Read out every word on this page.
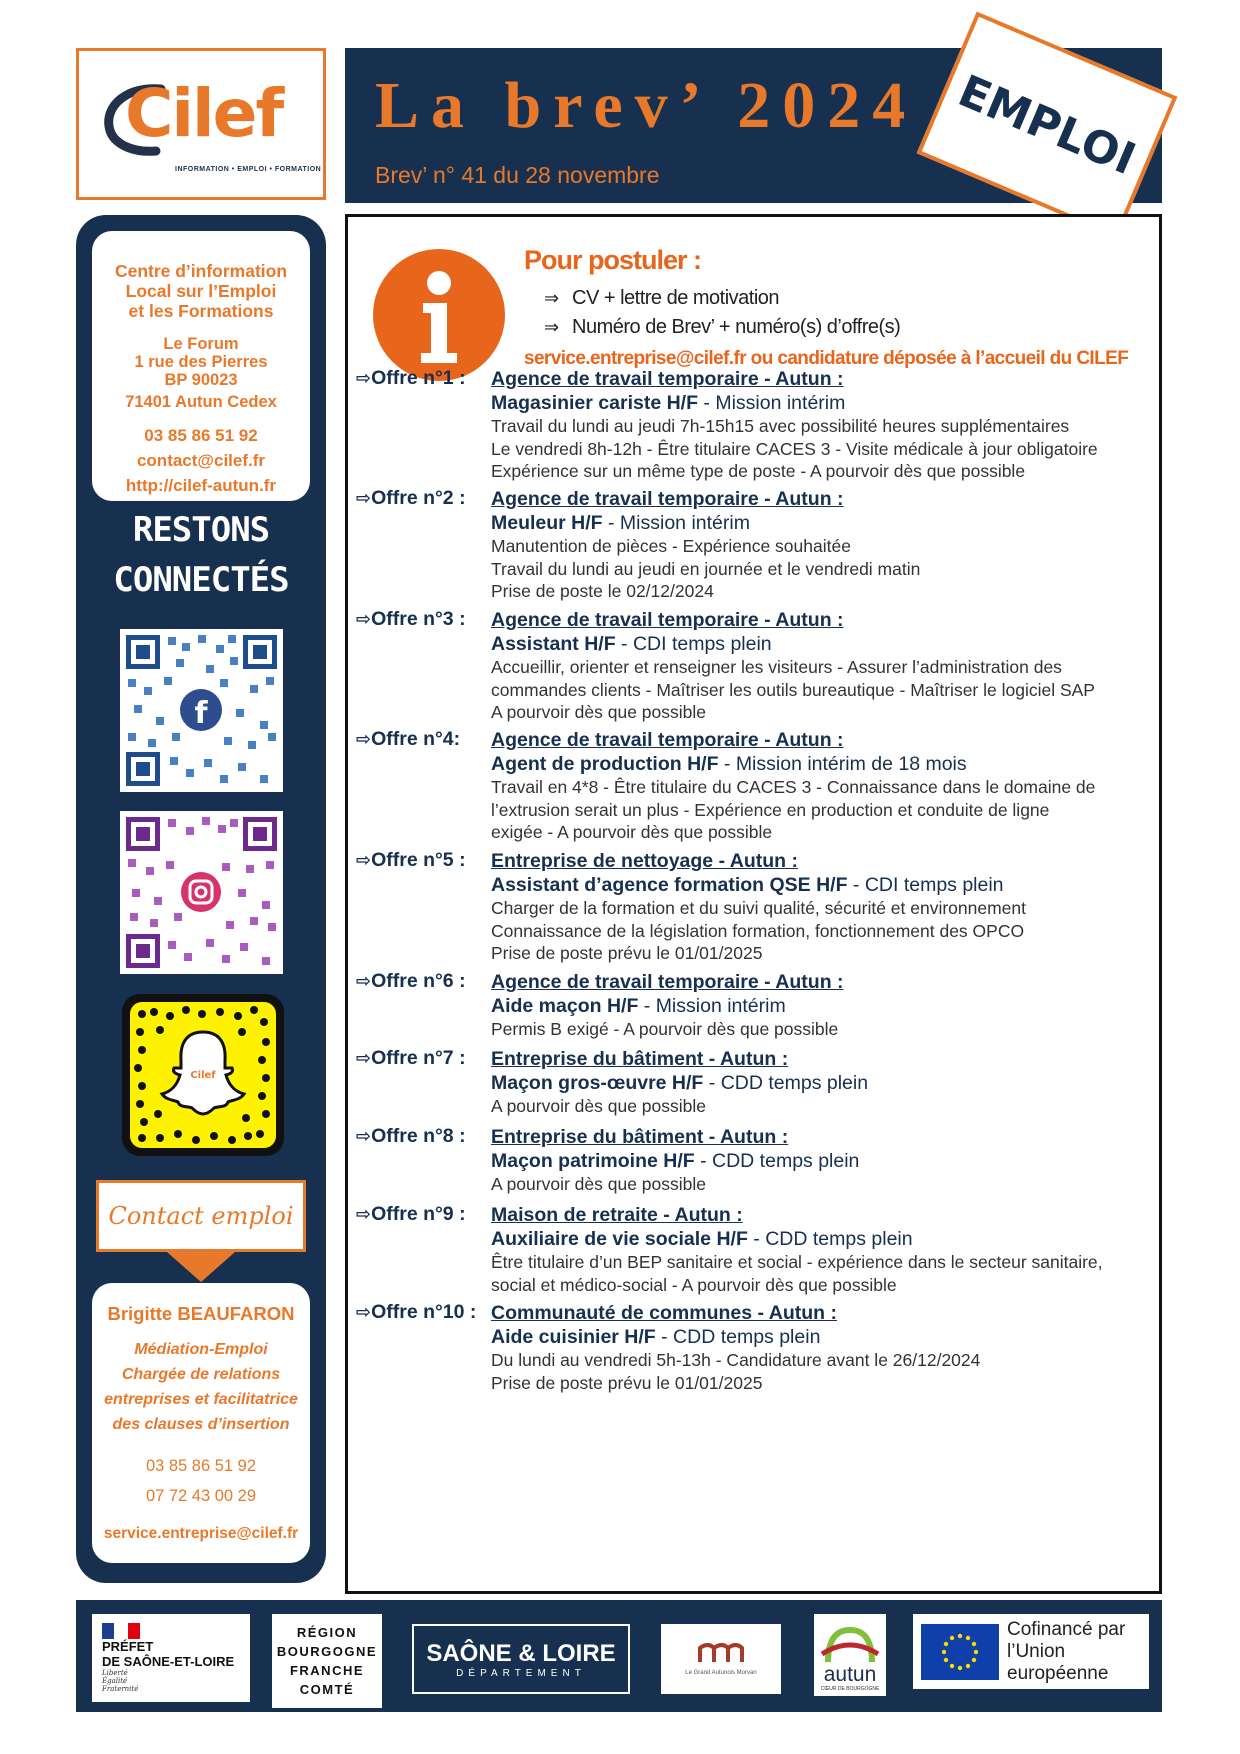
Cilef
INFORMATION • EMPLOI • FORMATION
La brev’ 2024
Brev’ n° 41 du 28 novembre	EMPLOI
Centre d’information
Local sur l’Emploi
et les Formations
Le Forum
1 rue des Pierres
BP 90023
71401 Autun Cedex
03 85 86 51 92
contact@cilef.fr
http://cilef-autun.fr
RESTONS
CONNECTÉS
f
Cilef
Contact emploi
Brigitte BEAUFARON
Médiation-Emploi
Chargée de relations
entreprises et facilitatrice
des clauses d’insertion
03 85 86 51 92
07 72 43 00 29
service.entreprise@cilef.fr
Pour postuler :
⇒ CV + lettre de motivation
⇒ Numéro de Brev’ + numéro(s) d’offre(s)
service.entreprise@cilef.fr ou candidature déposée à l’accueil du CILEF
⇨Offre n°1 : Agence de travail temporaire - Autun :
Magasinier cariste H/F - Mission intérim
Travail du lundi au jeudi 7h-15h15 avec possibilité heures supplémentaires
Le vendredi 8h-12h - Être titulaire CACES 3 - Visite médicale à jour obligatoire
Expérience sur un même type de poste - A pourvoir dès que possible
⇨Offre n°2 : Agence de travail temporaire - Autun :
Meuleur H/F - Mission intérim
Manutention de pièces - Expérience souhaitée
Travail du lundi au jeudi en journée et le vendredi matin
Prise de poste le 02/12/2024
⇨Offre n°3 : Agence de travail temporaire - Autun :
Assistant H/F - CDI temps plein
Accueillir, orienter et renseigner les visiteurs - Assurer l’administration des
commandes clients - Maîtriser les outils bureautique - Maîtriser le logiciel SAP
A pourvoir dès que possible
⇨Offre n°4: Agence de travail temporaire - Autun :
Agent de production H/F - Mission intérim de 18 mois
Travail en 4*8 - Être titulaire du CACES 3 - Connaissance dans le domaine de
l’extrusion serait un plus - Expérience en production et conduite de ligne
exigée - A pourvoir dès que possible
⇨Offre n°5 : Entreprise de nettoyage - Autun :
Assistant d’agence formation QSE H/F - CDI temps plein
Charger de la formation et du suivi qualité, sécurité et environnement
Connaissance de la législation formation, fonctionnement des OPCO
Prise de poste prévu le 01/01/2025
⇨Offre n°6 : Agence de travail temporaire - Autun :
Aide maçon H/F - Mission intérim
Permis B exigé - A pourvoir dès que possible
⇨Offre n°7 : Entreprise du bâtiment - Autun :
Maçon gros-œuvre H/F - CDD temps plein
A pourvoir dès que possible
⇨Offre n°8 : Entreprise du bâtiment - Autun :
Maçon patrimoine H/F - CDD temps plein
A pourvoir dès que possible
⇨Offre n°9 : Maison de retraite - Autun :
Auxiliaire de vie sociale H/F - CDD temps plein
Être titulaire d’un BEP sanitaire et social - expérience dans le secteur sanitaire,
social et médico-social - A pourvoir dès que possible
⇨Offre n°10 : Communauté de communes - Autun :
Aide cuisinier H/F - CDD temps plein
Du lundi au vendredi 5h-13h - Candidature avant le 26/12/2024
Prise de poste prévu le 01/01/2025
PRÉFET
DE SAÔNE-ET-LOIRE
Liberté
Égalité
Fraternité
RÉGION
BOURGOGNE
FRANCHE
COMTÉ
SAÔNE & LOIRE
DÉPARTEMENT	Le Grand Autunois Morvan	autun
CŒUR DE BOURGOGNE
Cofinancé par
l’Union européenne
